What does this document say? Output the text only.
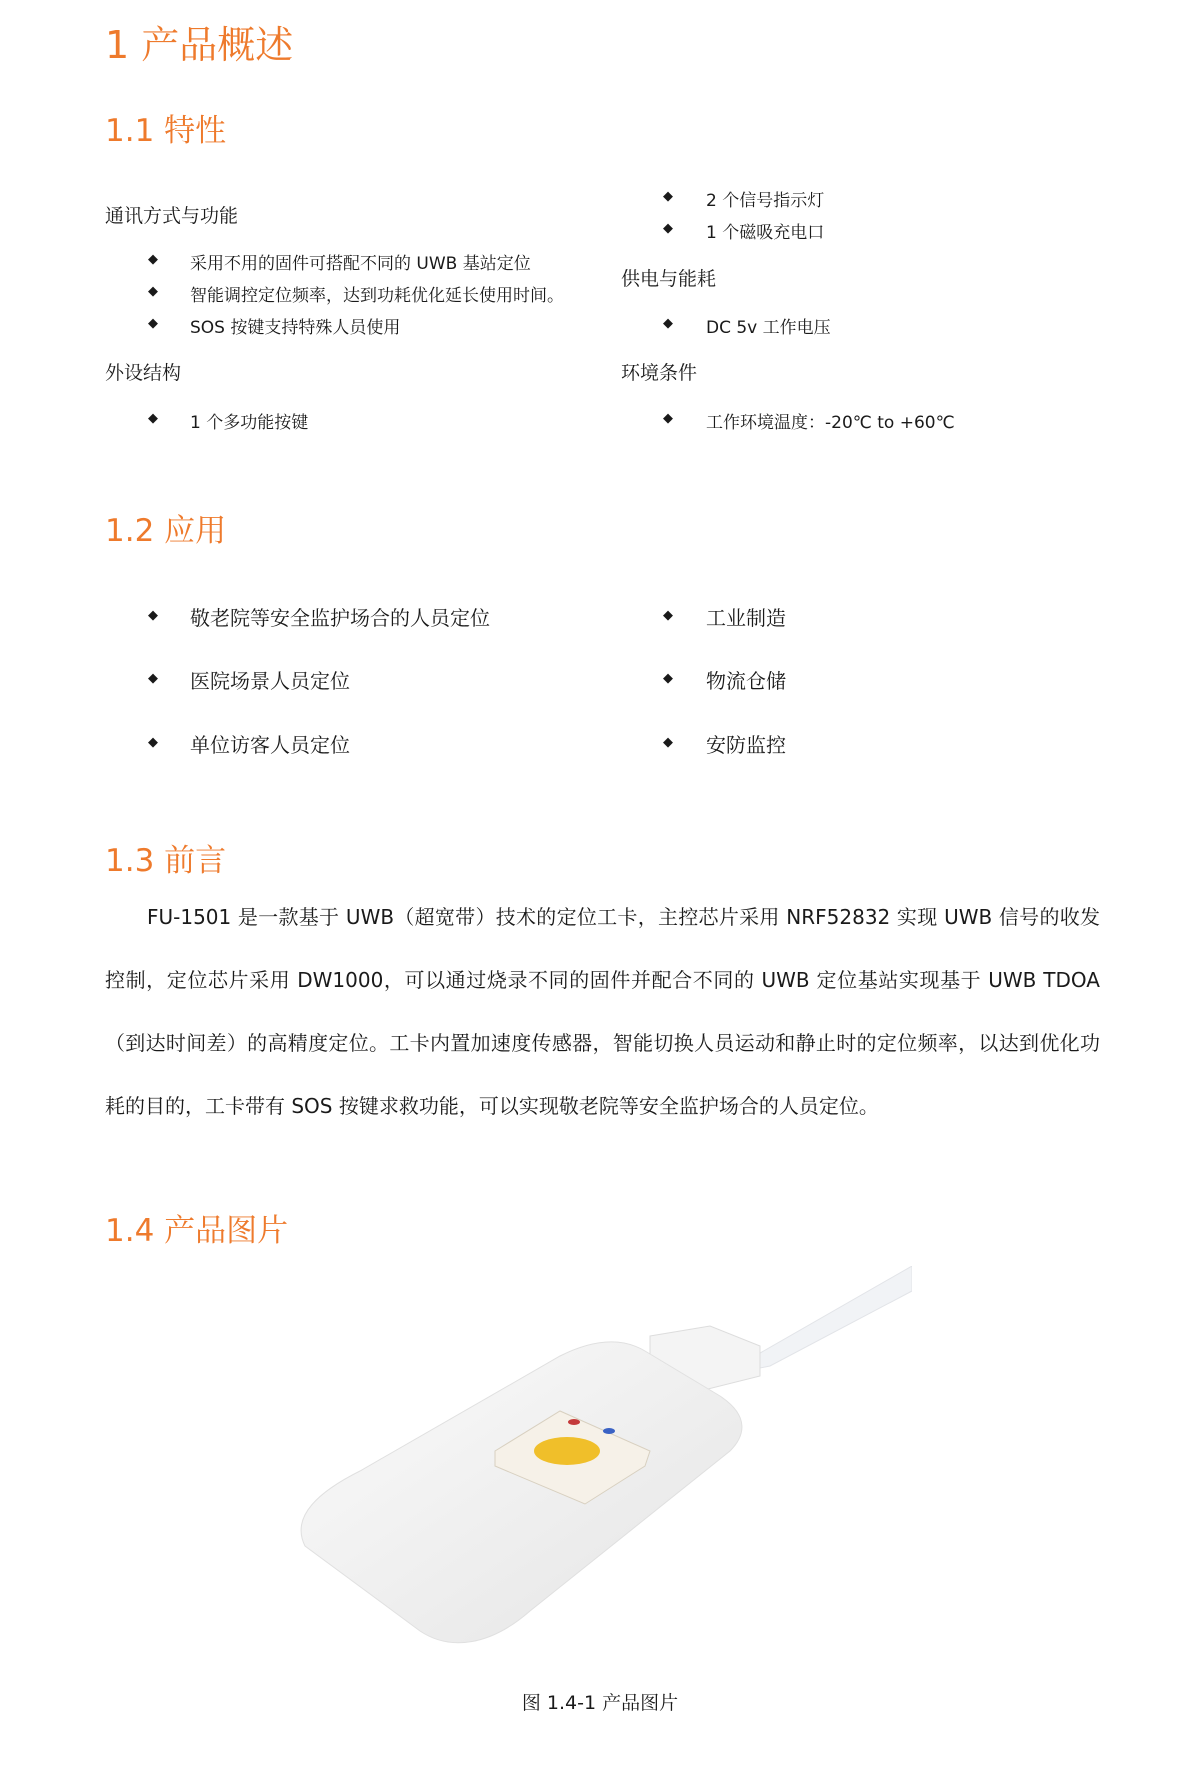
1 产品概述
1.1 特性
通讯方式与功能
◆ 采用不用的固件可搭配不同的 UWB 基站定位
◆ 智能调控定位频率，达到功耗优化延长使用时间。
◆ SOS 按键支持特殊人员使用
外设结构
◆ 1 个多功能按键
◆ 2 个信号指示灯
◆ 1 个磁吸充电口
供电与能耗
◆ DC 5v 工作电压
环境条件
◆ 工作环境温度：-20℃ to +60℃
1.2 应用
◆ 敬老院等安全监护场合的人员定位
◆ 医院场景人员定位
◆ 单位访客人员定位
◆ 工业制造
◆ 物流仓储
◆ 安防监控
1.3 前言
FU-1501 是一款基于 UWB（超宽带）技术的定位工卡，主控芯片采用 NRF52832 实现 UWB 信号的收发控制，定位芯片采用 DW1000，可以通过烧录不同的固件并配合不同的 UWB 定位基站实现基于 UWB TDOA（到达时间差）的高精度定位。工卡内置加速度传感器，智能切换人员运动和静止时的定位频率，以达到优化功耗的目的，工卡带有 SOS 按键求救功能，可以实现敬老院等安全监护场合的人员定位。
1.4 产品图片
图 1.4-1 产品图片
